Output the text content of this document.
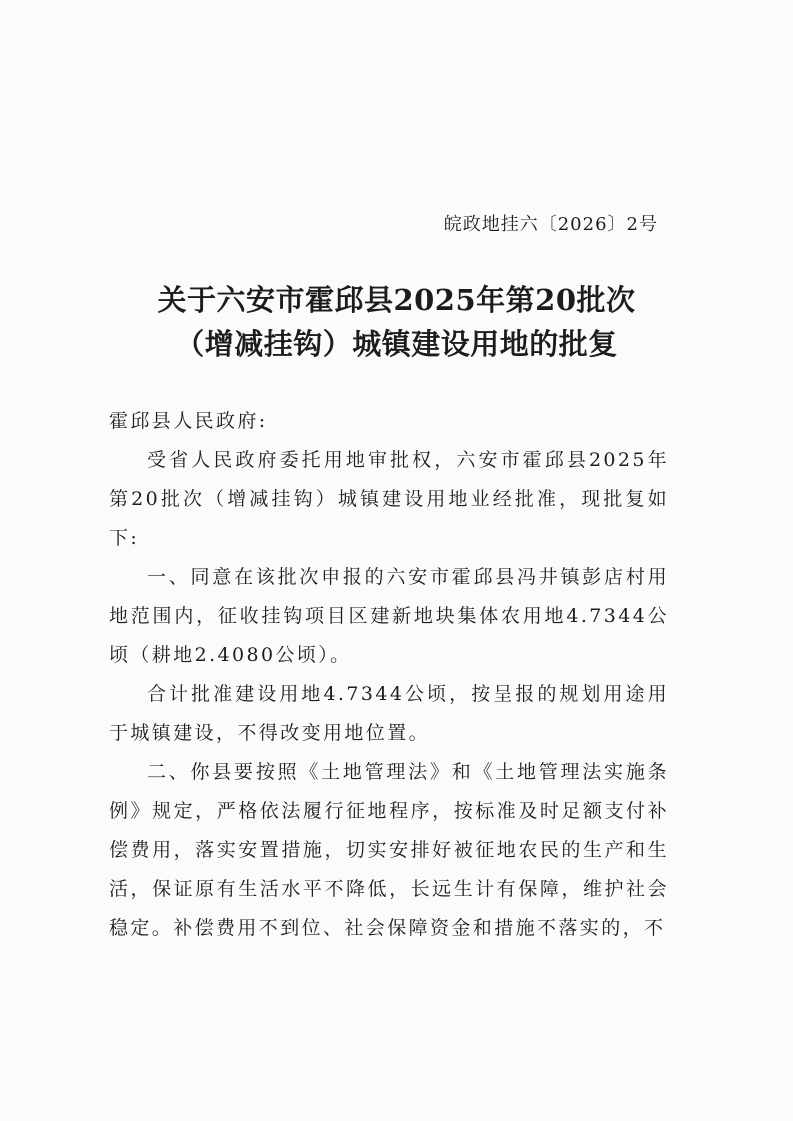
皖政地挂六〔2026〕2号
关于六安市霍邱县2025年第20批次
（增减挂钩）城镇建设用地的批复

霍邱县人民政府:

受省人民政府委托用地审批权，六安市霍邱县2025年第20批次（增减挂钩）城镇建设用地业经批准，现批复如下:

一、同意在该批次申报的六安市霍邱县冯井镇彭店村用地范围内，征收挂钩项目区建新地块集体农用地4.7344公顷（耕地2.4080公顷）。

合计批准建设用地4.7344公顷，按呈报的规划用途用于城镇建设，不得改变用地位置。

二、你县要按照《土地管理法》和《土地管理法实施条例》规定，严格依法履行征地程序，按标准及时足额支付补偿费用，落实安置措施，切实安排好被征地农民的生产和生活，保证原有生活水平不降低，长远生计有保障，维护社会稳定。补偿费用不到位、社会保障资金和措施不落实的，不
